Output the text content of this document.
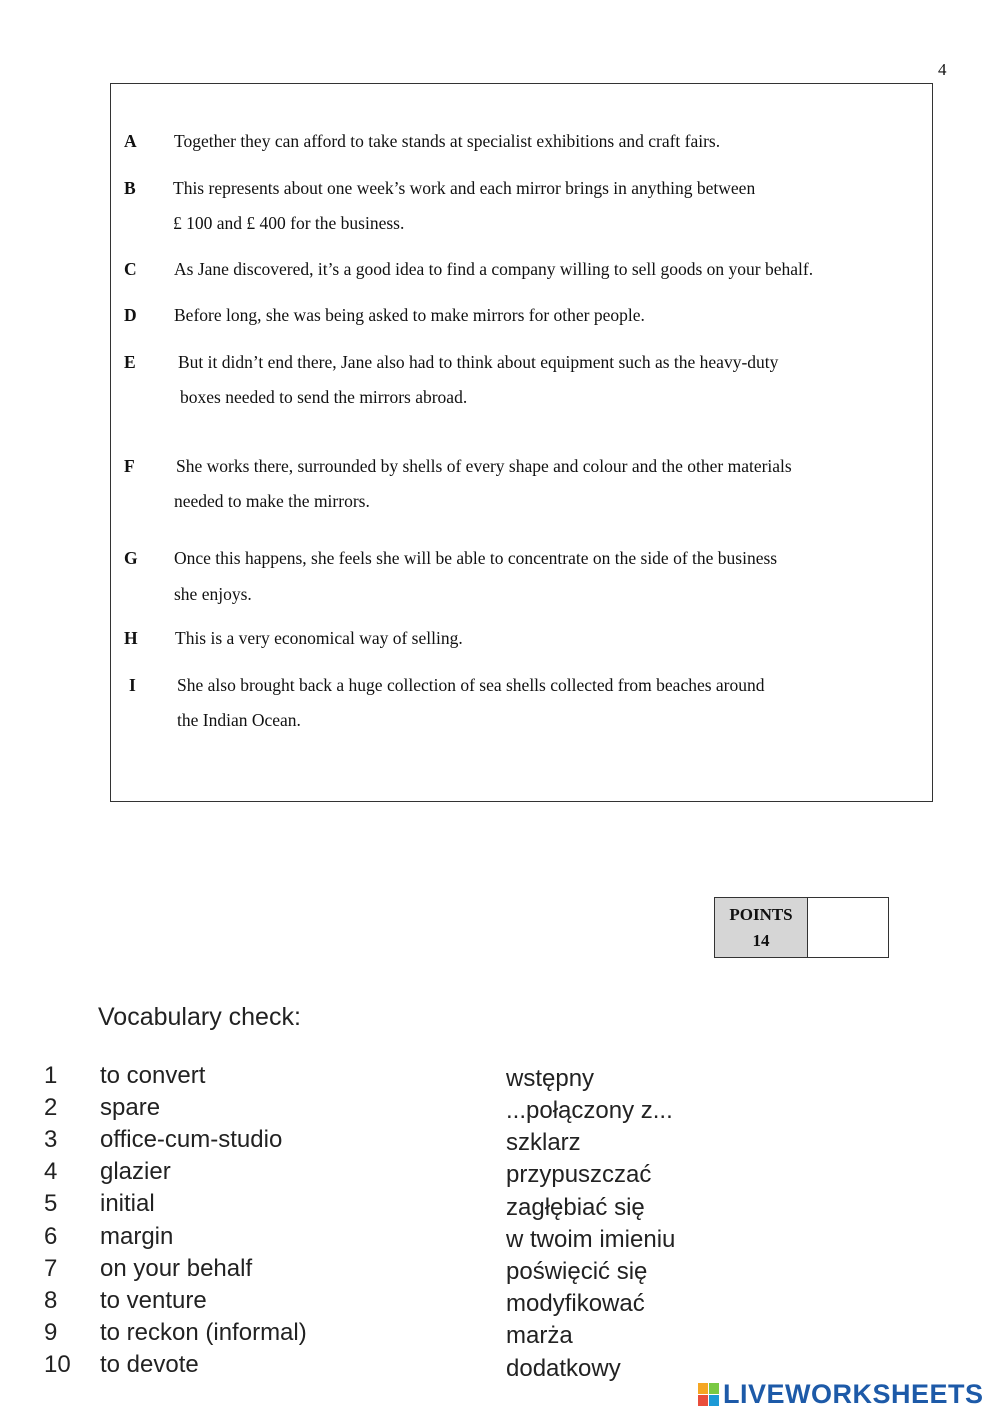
4
A Together they can afford to take stands at specialist exhibitions and craft fairs.
B This represents about one week’s work and each mirror brings in anything between
£ 100 and £ 400 for the business.
C As Jane discovered, it’s a good idea to find a company willing to sell goods on your behalf.
D Before long, she was being asked to make mirrors for other people.
E But it didn’t end there, Jane also had to think about equipment such as the heavy-duty
boxes needed to send the mirrors abroad.
F She works there, surrounded by shells of every shape and colour and the other materials
needed to make the mirrors.
G Once this happens, she feels she will be able to concentrate on the side of the business
she enjoys.
H This is a very economical way of selling.
I She also brought back a huge collection of sea shells collected from beaches around
the Indian Ocean.
POINTS
14
Vocabulary check:
1 to convert
2 spare
3 office-cum-studio
4 glazier
5 initial
6 margin
7 on your behalf
8 to venture
9 to reckon (informal)
10 to devote
wstępny
...połączony z...
szklarz
przypuszczać
zagłębiać się
w twoim imieniu
poświęcić się
modyfikować
marża
dodatkowy
LIVEWORKSHEETS
